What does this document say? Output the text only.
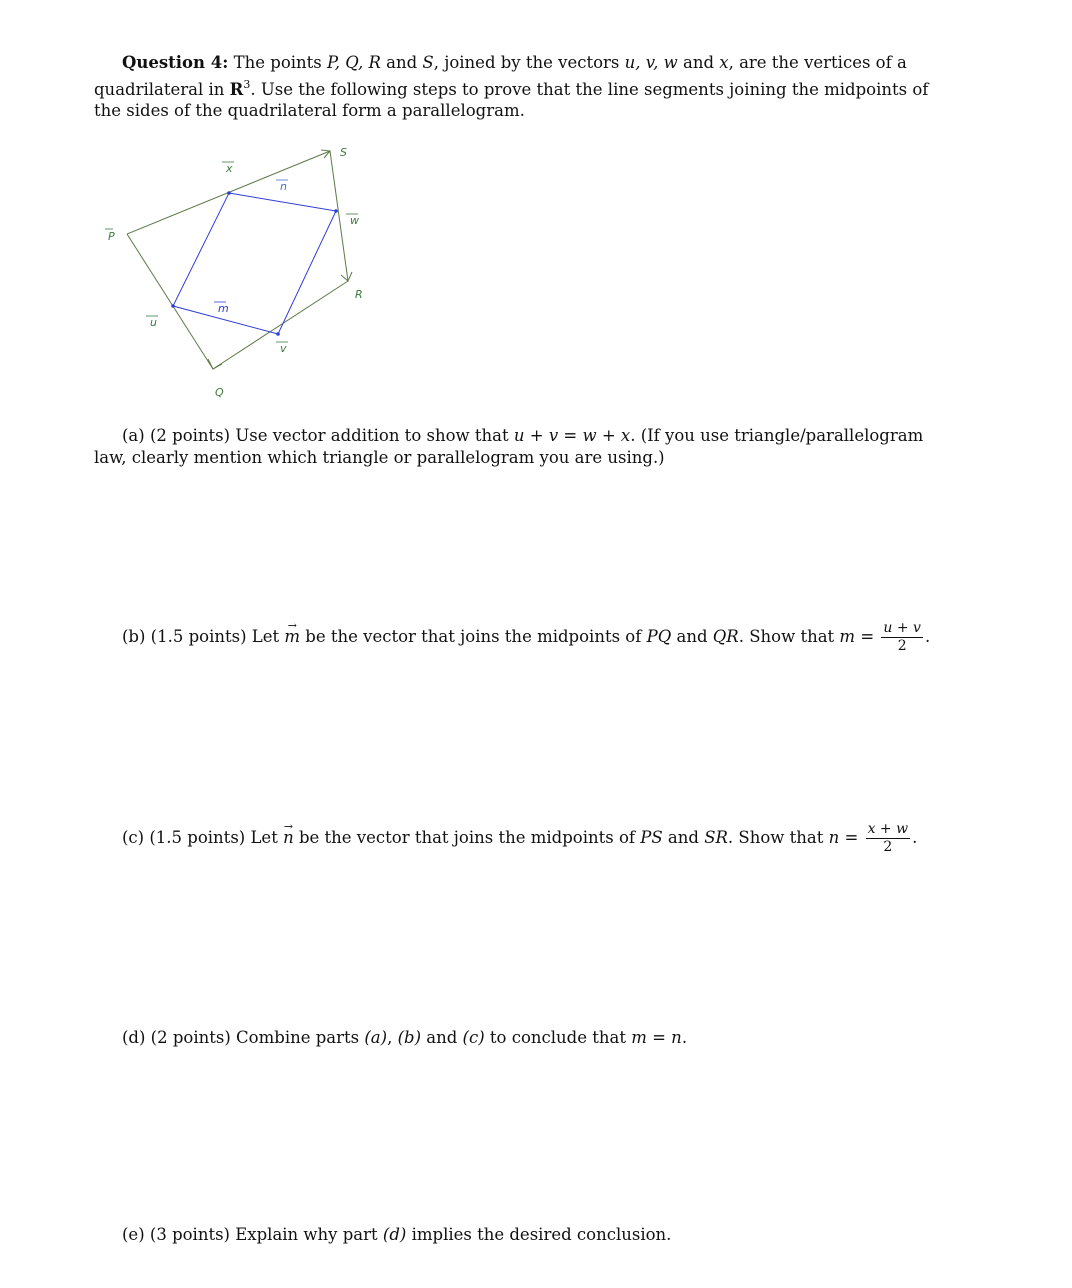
Question 4: The points P, Q, R and S, joined by the vectors u, v, w and x, are the vertices of a quadrilateral in $R^3$. Use the following steps to prove that the line segments joining the midpoints of the sides of the quadrilateral form a parallelogram.
P
Q
R
S
u
v
w
x
m
n
(a) (2 points) Use vector addition to show that u + v = w + x. (If you use triangle/parallelogram law, clearly mention which triangle or parallelogram you are using.)
(b) (1.5 points) Let → m be the vector that joins the midpoints of PQ and QR. Show that $m = \frac{u + v}{2}$ .
(c) (1.5 points) Let → n be the vector that joins the midpoints of PS and SR. Show that $n = \frac{x + w}{2}$ .
(d) (2 points) Combine parts (a), (b) and (c) to conclude that m = n.
(e) (3 points) Explain why part (d) implies the desired conclusion.
